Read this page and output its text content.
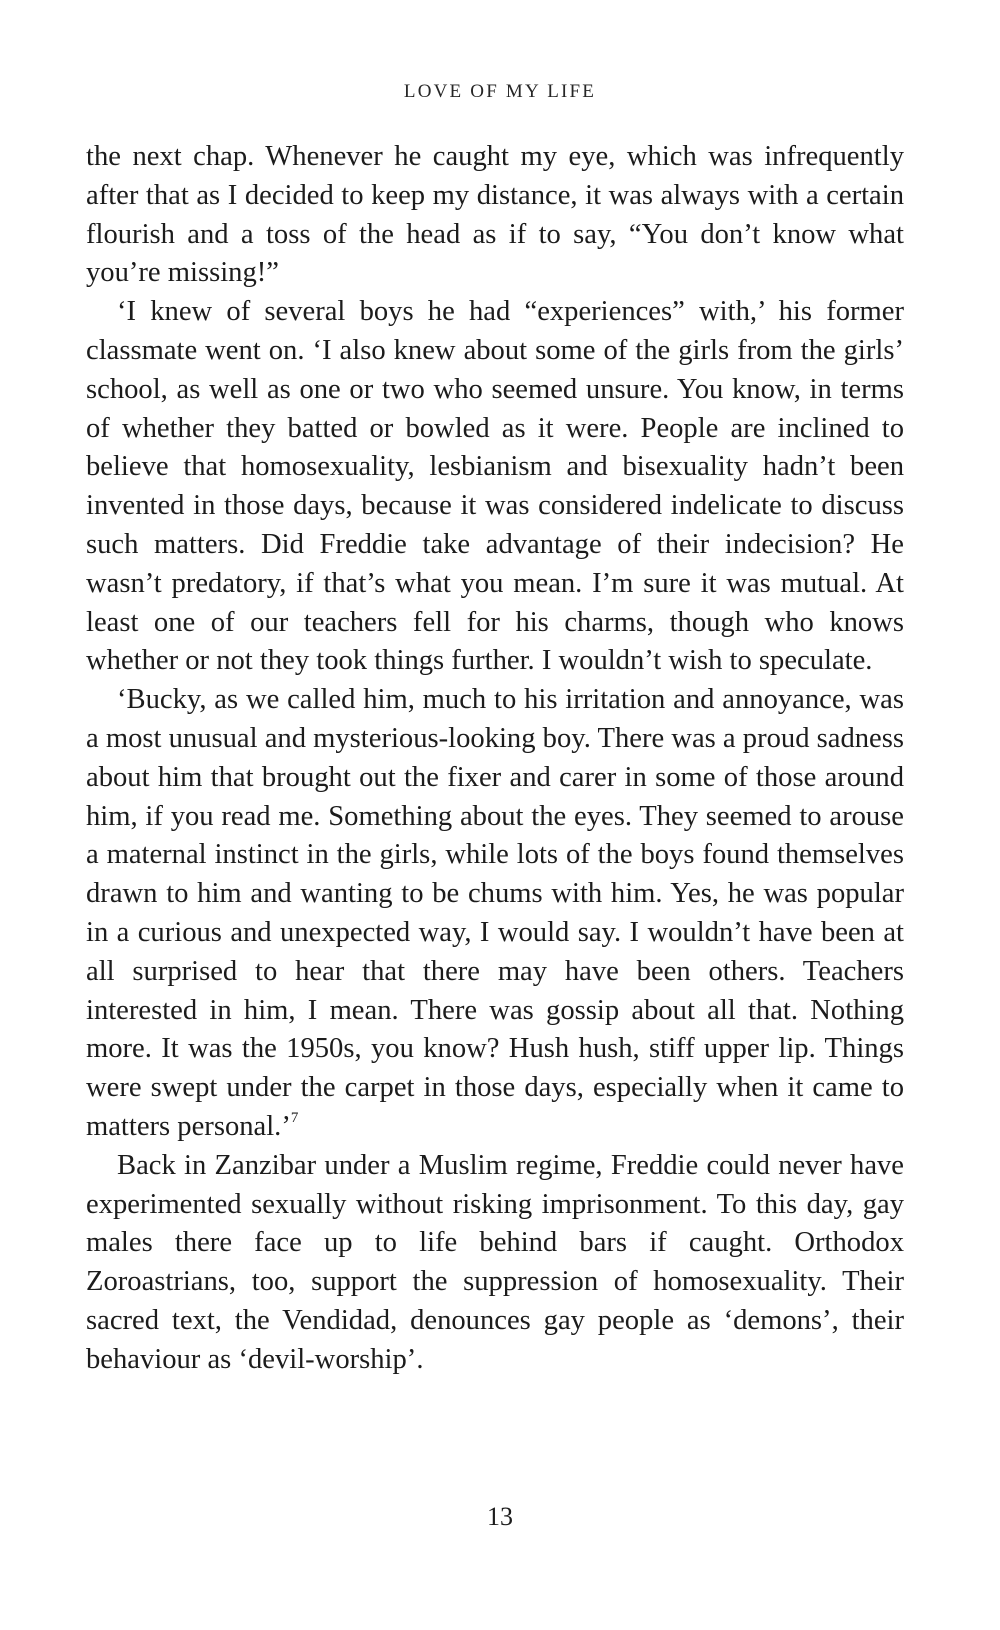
LOVE OF MY LIFE

the next chap. Whenever he caught my eye, which was infrequently after that as I decided to keep my distance, it was always with a certain flourish and a toss of the head as if to say, “You don’t know what you’re missing!”

‘I knew of several boys he had “experiences” with,’ his former classmate went on. ‘I also knew about some of the girls from the girls’ school, as well as one or two who seemed unsure. You know, in terms of whether they batted or bowled as it were. People are inclined to believe that homosexuality, lesbianism and bisexuality hadn’t been invented in those days, because it was considered indelicate to discuss such matters. Did Freddie take advantage of their indecision? He wasn’t predatory, if that’s what you mean. I’m sure it was mutual. At least one of our teachers fell for his charms, though who knows whether or not they took things further. I wouldn’t wish to speculate.

‘Bucky, as we called him, much to his irritation and annoyance, was a most unusual and mysterious-looking boy. There was a proud sadness about him that brought out the fixer and carer in some of those around him, if you read me. Something about the eyes. They seemed to arouse a maternal instinct in the girls, while lots of the boys found themselves drawn to him and wanting to be chums with him. Yes, he was popular in a curious and unexpected way, I would say. I wouldn’t have been at all surprised to hear that there may have been others. Teachers interested in him, I mean. There was gossip about all that. Nothing more. It was the 1950s, you know? Hush hush, stiff upper lip. Things were swept under the carpet in those days, especially when it came to matters personal.’$^7$

Back in Zanzibar under a Muslim regime, Freddie could never have experimented sexually without risking imprisonment. To this day, gay males there face up to life behind bars if caught. Orthodox Zoroastrians, too, support the suppression of homosexuality. Their sacred text, the Vendidad, denounces gay people as ‘demons’, their behaviour as ‘devil-worship’.

13
